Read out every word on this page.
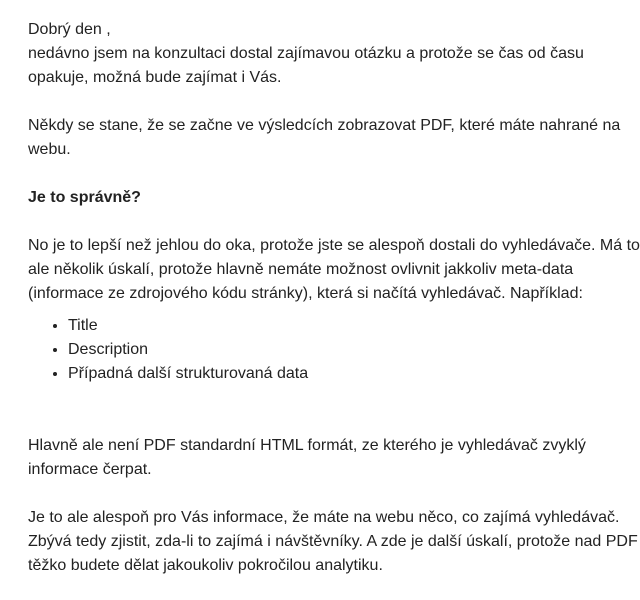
Dobrý den ,

nedávno jsem na konzultaci dostal zajímavou otázku a protože se čas od času opakuje, možná bude zajímat i Vás.

Někdy se stane, že se začne ve výsledcích zobrazovat PDF, které máte nahrané na webu.

Je to správně?

No je to lepší než jehlou do oka, protože jste se alespoň dostali do vyhledávače. Má to ale několik úskalí, protože hlavně nemáte možnost ovlivnit jakkoliv meta-data (informace ze zdrojového kódu stránky), která si načítá vyhledávač. Například:

• Title
• Description
• Případná další strukturovaná data

Hlavně ale není PDF standardní HTML formát, ze kterého je vyhledávač zvyklý informace čerpat.

Je to ale alespoň pro Vás informace, že máte na webu něco, co zajímá vyhledávač. Zbývá tedy zjistit, zda-li to zajímá i návštěvníky. A zde je další úskalí, protože nad PDF těžko budete dělat jakoukoliv pokročilou analytiku.
